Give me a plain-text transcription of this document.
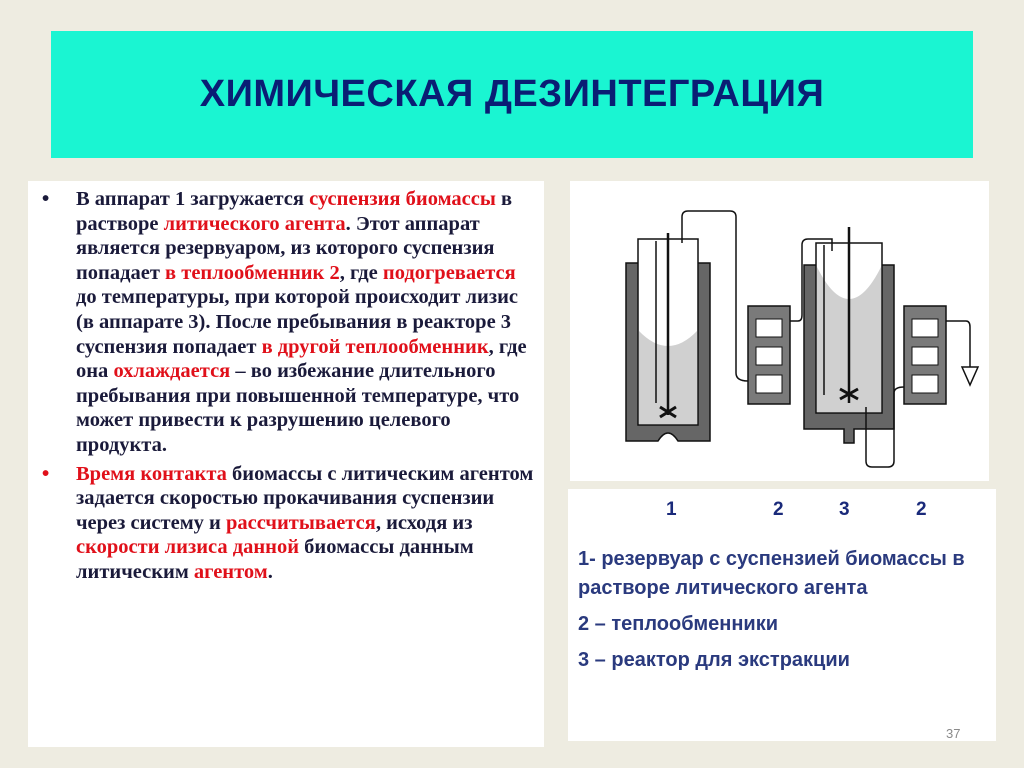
ХИМИЧЕСКАЯ ДЕЗИНТЕГРАЦИЯ
• В аппарат 1 загружается суспензия биомассы в растворе литического агента. Этот аппарат является резервуаром, из которого суспензия попадает в теплообменник 2, где подогревается до температуры, при которой происходит лизис (в аппарате 3). После пребывания в реакторе 3 суспензия попадает в другой теплообменник, где она охлаждается – во избежание длительного пребывания при повышенной температуре, что может привести к разрушению целевого продукта.
• Время контакта биомассы с литическим агентом задается скоростью прокачивания суспензии через систему и рассчитывается, исходя из скорости лизиса данной биомассы данным литическим агентом.
1	2	3	2

1- резервуар с суспензией биомассы в растворе литического агента

2 – теплообменники

3 – реактор для экстракции

37
